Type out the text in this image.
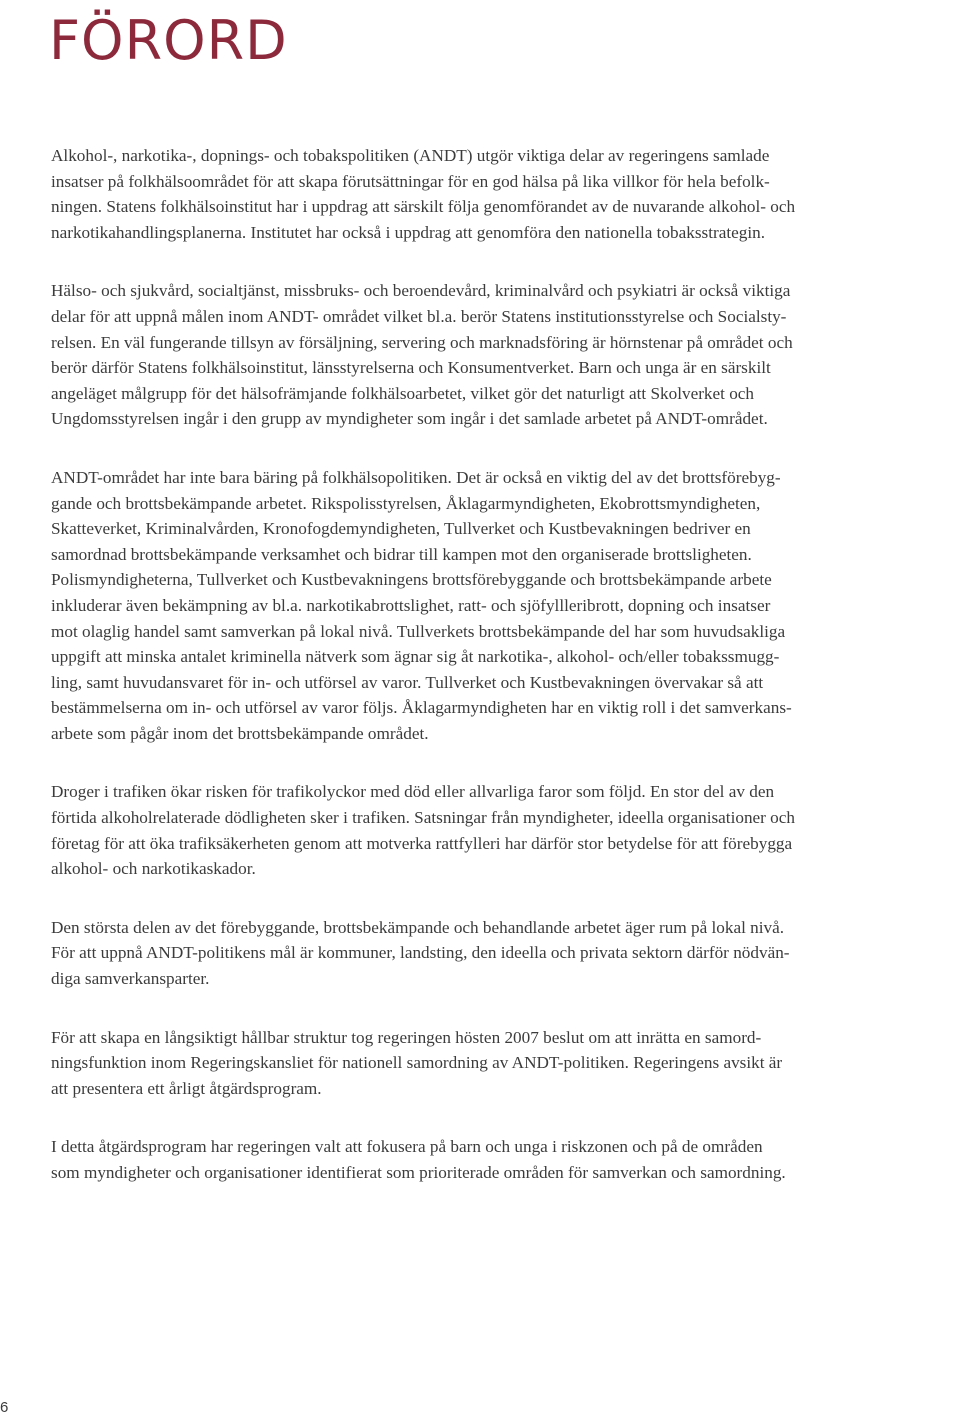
FÖRORD

Alkohol-, narkotika-, dopnings- och tobakspolitiken (ANDT) utgör viktiga delar av regeringens samlade
insatser på folkhälsoområdet för att skapa förutsättningar för en god hälsa på lika villkor för hela befolk-
ningen. Statens folkhälsoinstitut har i uppdrag att särskilt följa genomförandet av de nuvarande alkohol- och
narkotikahandlingsplanerna. Institutet har också i uppdrag att genomföra den nationella tobaksstrategin.

Hälso- och sjukvård, socialtjänst, missbruks- och beroendevård, kriminalvård och psykiatri är också viktiga
delar för att uppnå målen inom ANDT- området vilket bl.a. berör Statens institutionsstyrelse och Socialsty-
relsen. En väl fungerande tillsyn av försäljning, servering och marknadsföring är hörnstenar på området och
berör därför Statens folkhälsoinstitut, länsstyrelserna och Konsumentverket. Barn och unga är en särskilt
angeläget målgrupp för det hälsofrämjande folkhälsoarbetet, vilket gör det naturligt att Skolverket och
Ungdomsstyrelsen ingår i den grupp av myndigheter som ingår i det samlade arbetet på ANDT-området.

ANDT-området har inte bara bäring på folkhälsopolitiken. Det är också en viktig del av det brottsförebyg-
gande och brottsbekämpande arbetet. Rikspolisstyrelsen, Åklagarmyndigheten, Ekobrottsmyndigheten,
Skatteverket, Kriminalvården, Kronofogdemyndigheten, Tullverket och Kustbevakningen bedriver en
samordnad brottsbekämpande verksamhet och bidrar till kampen mot den organiserade brottsligheten.
Polismyndigheterna, Tullverket och Kustbevakningens brottsförebyggande och brottsbekämpande arbete
inkluderar även bekämpning av bl.a. narkotikabrottslighet, ratt- och sjöfyllleribrott, dopning och insatser
mot olaglig handel samt samverkan på lokal nivå. Tullverkets brottsbekämpande del har som huvudsakliga
uppgift att minska antalet kriminella nätverk som ägnar sig åt narkotika-, alkohol- och/eller tobakssmugg-
ling, samt huvudansvaret för in- och utförsel av varor. Tullverket och Kustbevakningen övervakar så att
bestämmelserna om in- och utförsel av varor följs. Åklagarmyndigheten har en viktig roll i det samverkans-
arbete som pågår inom det brottsbekämpande området.

Droger i trafiken ökar risken för trafikolyckor med död eller allvarliga faror som följd. En stor del av den
förtida alkoholrelaterade dödligheten sker i trafiken. Satsningar från myndigheter, ideella organisationer och
företag för att öka trafiksäkerheten genom att motverka rattfylleri har därför stor betydelse för att förebygga
alkohol- och narkotikaskador.

Den största delen av det förebyggande, brottsbekämpande och behandlande arbetet äger rum på lokal nivå.
För att uppnå ANDT-politikens mål är kommuner, landsting, den ideella och privata sektorn därför nödvän-
diga samverkansparter.

För att skapa en långsiktigt hållbar struktur tog regeringen hösten 2007 beslut om att inrätta en samord-
ningsfunktion inom Regeringskansliet för nationell samordning av ANDT-politiken. Regeringens avsikt är
att presentera ett årligt åtgärdsprogram.

I detta åtgärdsprogram har regeringen valt att fokusera på barn och unga i riskzonen och på de områden
som myndigheter och organisationer identifierat som prioriterade områden för samverkan och samordning.

6
